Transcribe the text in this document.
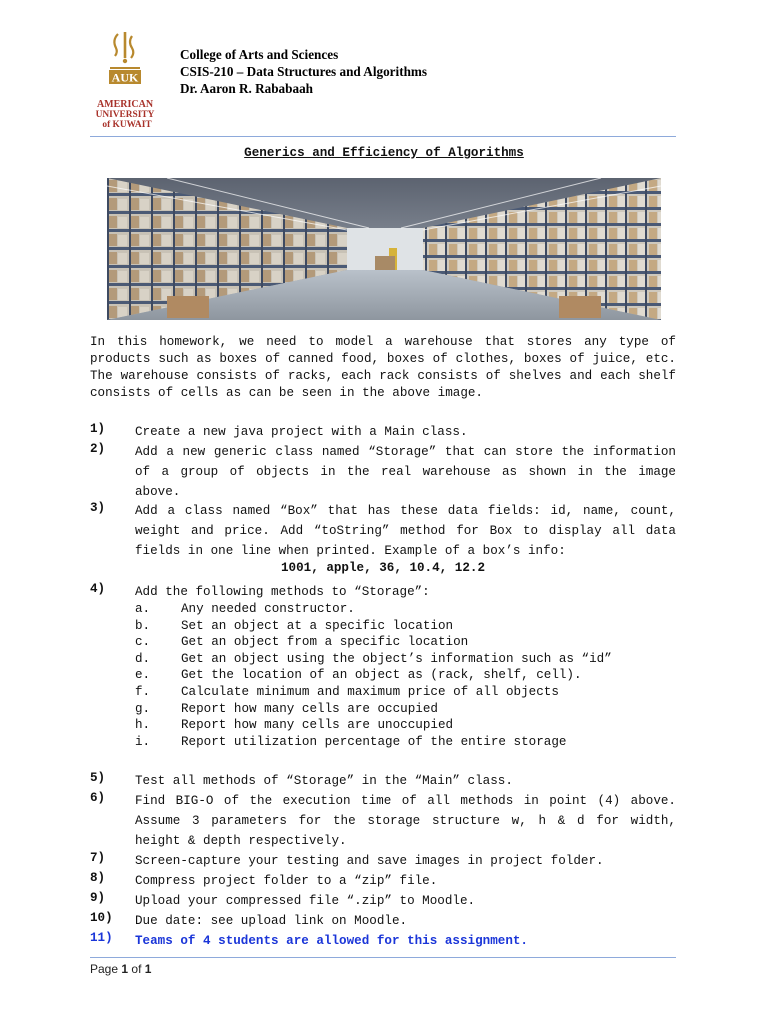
AUK
AMERICAN
UNIVERSITY
of KUWAIT
College of Arts and Sciences
CSIS-210 – Data Structures and Algorithms
Dr. Aaron R. Rababaah
Generics and Efficiency of Algorithms
In this homework, we need to model a warehouse that stores any type of products such as boxes of canned food, boxes of clothes, boxes of juice, etc. The warehouse consists of racks, each rack consists of shelves and each shelf consists of cells as can be seen in the above image.
1) Create a new java project with a Main class.
2) Add a new generic class named “Storage” that can store the information of a group of objects in the real warehouse as shown in the image above.
3) Add a class named “Box” that has these data fields: id, name, count, weight and price. Add “toString” method for Box to display all data fields in one line when printed. Example of a box’s info:
1001, apple, 36, 10.4, 12.2
4) Add the following methods to “Storage”:
a. Any needed constructor.
b. Set an object at a specific location
c. Get an object from a specific location
d. Get an object using the object’s information such as “id”
e. Get the location of an object as (rack, shelf, cell).
f. Calculate minimum and maximum price of all objects
g. Report how many cells are occupied
h. Report how many cells are unoccupied
i. Report utilization percentage of the entire storage
5) Test all methods of “Storage” in the “Main” class.
6) Find BIG-O of the execution time of all methods in point (4) above. Assume 3 parameters for the storage structure w, h & d for width, height & depth respectively.
7) Screen-capture your testing and save images in project folder.
8) Compress project folder to a “zip” file.
9) Upload your compressed file “.zip” to Moodle.
10) Due date: see upload link on Moodle.
11) Teams of 4 students are allowed for this assignment.
Page 1 of 1
